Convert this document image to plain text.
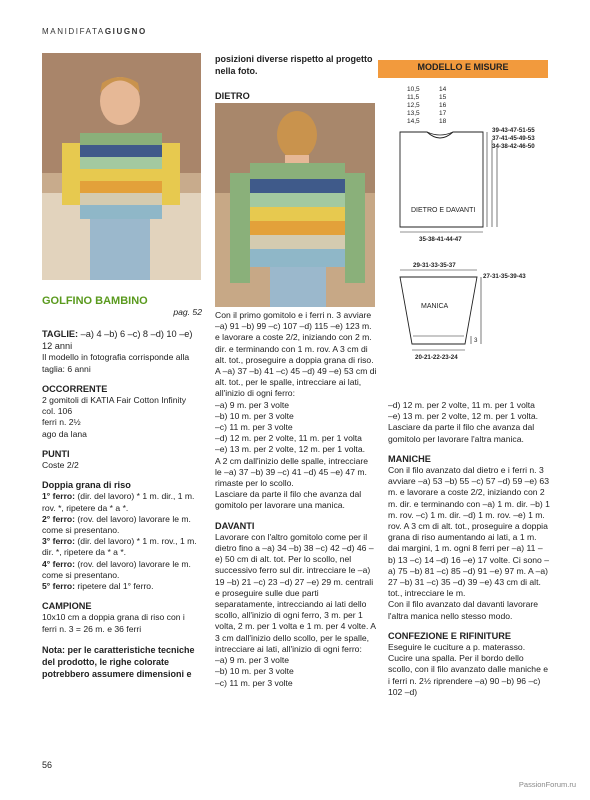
MANIDIFATAGIUGNO
GOLFINO BAMBINO
pag. 52

TAGLIE: –a) 4 –b) 6 –c) 8 –d) 10 –e) 12 anni

Il modello in fotografia corrisponde alla taglia: 6 anni

OCCORRENTE

2 gomitoli di KATIA Fair Cotton Infinity

col. 106

ferri n. 2½

ago da lana

PUNTI

Coste 2/2

Doppia grana di riso

1° ferro: (dir. del lavoro) * 1 m. dir., 1 m. rov. *, ripetere da * a *.

2° ferro: (rov. del lavoro) lavorare le m. come si presentano.

3° ferro: (dir. del lavoro) * 1 m. rov., 1 m. dir. *, ripetere da * a *.

4° ferro: (rov. del lavoro) lavorare le m. come si presentano.

5° ferro: ripetere dal 1° ferro.

CAMPIONE

10x10 cm a doppia grana di riso con i ferri n. 3 = 26 m. e 36 ferri

Nota: per le caratteristiche tecniche del prodotto, le righe colorate potrebbero assumere dimensioni e

posizioni diverse rispetto al progetto nella foto.

DIETRO

Con il primo gomitolo e i ferri n. 3 avviare –a) 91 –b) 99 –c) 107 –d) 115 –e) 123 m. e lavorare a coste 2/2, iniziando con 2 m. dir. e terminando con 1 m. rov. A 3 cm di alt. tot., proseguire a doppia grana di riso. A –a) 37 –b) 41 –c) 45 –d) 49 –e) 53 cm di alt. tot., per le spalle, intrecciare ai lati, all'inizio di ogni ferro:

–a) 9 m. per 3 volte

–b) 10 m. per 3 volte

–c) 11 m. per 3 volte

–d) 12 m. per 2 volte, 11 m. per 1 volta

–e) 13 m. per 2 volte, 12 m. per 1 volta.

A 2 cm dall'inizio delle spalle, intrecciare le –a) 37 –b) 39 –c) 41 –d) 45 –e) 47 m. rimaste per lo scollo.

Lasciare da parte il filo che avanza dal gomitolo per lavorare una manica.

DAVANTI

Lavorare con l'altro gomitolo come per il dietro fino a –a) 34 –b) 38 –c) 42 –d) 46 –e) 50 cm di alt. tot. Per lo scollo, nel successivo ferro sul dir. intrecciare le –a) 19 –b) 21 –c) 23 –d) 27 –e) 29 m. centrali e proseguire sulle due parti separatamente, intrecciando ai lati dello scollo, all'inizio di ogni ferro, 3 m. per 1 volta, 2 m. per 1 volta e 1 m. per 4 volte. A 3 cm dall'inizio dello scollo, per le spalle, intrecciare ai lati, all'inizio di ogni ferro:

–a) 9 m. per 3 volte

–b) 10 m. per 3 volte

–c) 11 m. per 3 volte

MODELLO E MISURE
10,5
11,5
12,5
13,5
14,5
14
15
16
17
18
39-43-47-51-55
37-41-45-49-53
34-38-42-46-50
DIETRO E DAVANTI
35-38-41-44-47
29-31-33-35-37
27-31-35-39-43
MANICA
3
20-21-22-23-24

–d) 12 m. per 2 volte, 11 m. per 1 volta

–e) 13 m. per 2 volte, 12 m. per 1 volta.

Lasciare da parte il filo che avanza dal gomitolo per lavorare l'altra manica.

MANICHE

Con il filo avanzato dal dietro e i ferri n. 3 avviare –a) 53 –b) 55 –c) 57 –d) 59 –e) 63 m. e lavorare a coste 2/2, iniziando con 2 m. dir. e terminando con –a) 1 m. dir. –b) 1 m. rov. –c) 1 m. dir. –d) 1 m. rov. –e) 1 m. rov. A 3 cm di alt. tot., proseguire a doppia grana di riso aumentando ai lati, a 1 m. dai margini, 1 m. ogni 8 ferri per –a) 11 –b) 13 –c) 14 –d) 16 –e) 17 volte. Ci sono –a) 75 –b) 81 –c) 85 –d) 91 –e) 97 m. A –a) 27 –b) 31 –c) 35 –d) 39 –e) 43 cm di alt. tot., intrecciare le m.

Con il filo avanzato dal davanti lavorare l'altra manica nello stesso modo.

CONFEZIONE E RIFINITURE

Eseguire le cuciture a p. materasso. Cucire una spalla. Per il bordo dello scollo, con il filo avanzato dalle maniche e i ferri n. 2½ riprendere –a) 90 –b) 96 –c) 102 –d)

56
PassionForum.ru
